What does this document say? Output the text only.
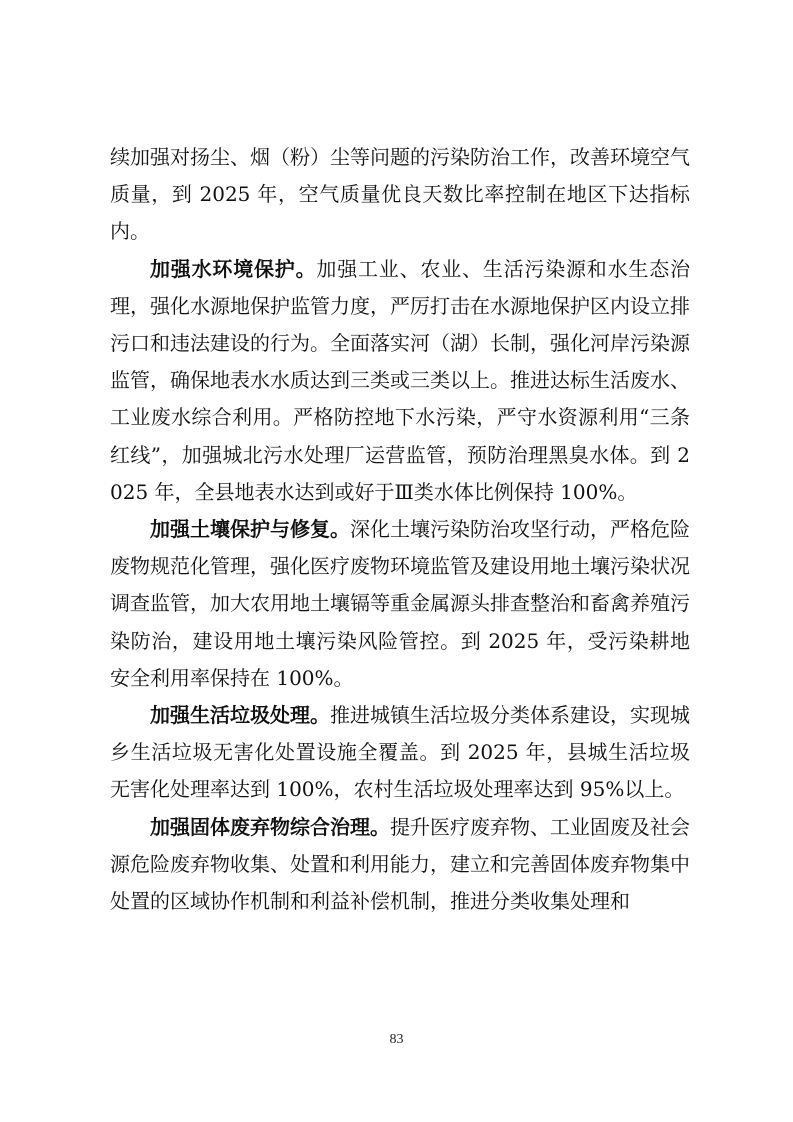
续加强对扬尘、烟（粉）尘等问题的污染防治工作，改善环境空气质量，到 2025 年，空气质量优良天数比率控制在地区下达指标内。

加强水环境保护。加强工业、农业、生活污染源和水生态治理，强化水源地保护监管力度，严厉打击在水源地保护区内设立排污口和违法建设的行为。全面落实河（湖）长制，强化河岸污染源监管，确保地表水水质达到三类或三类以上。推进达标生活废水、工业废水综合利用。严格防控地下水污染，严守水资源利用“三条红线”，加强城北污水处理厂运营监管，预防治理黑臭水体。到 2025 年，全县地表水达到或好于Ⅲ类水体比例保持 100%。

加强土壤保护与修复。深化土壤污染防治攻坚行动，严格危险废物规范化管理，强化医疗废物环境监管及建设用地土壤污染状况调查监管，加大农用地土壤镉等重金属源头排查整治和畜禽养殖污染防治，建设用地土壤污染风险管控。到 2025 年，受污染耕地安全利用率保持在 100%。

加强生活垃圾处理。推进城镇生活垃圾分类体系建设，实现城乡生活垃圾无害化处置设施全覆盖。到 2025 年，县城生活垃圾无害化处理率达到 100%，农村生活垃圾处理率达到 95%以上。

加强固体废弃物综合治理。提升医疗废弃物、工业固废及社会源危险废弃物收集、处置和利用能力，建立和完善固体废弃物集中处置的区域协作机制和利益补偿机制，推进分类收集处理和

83
